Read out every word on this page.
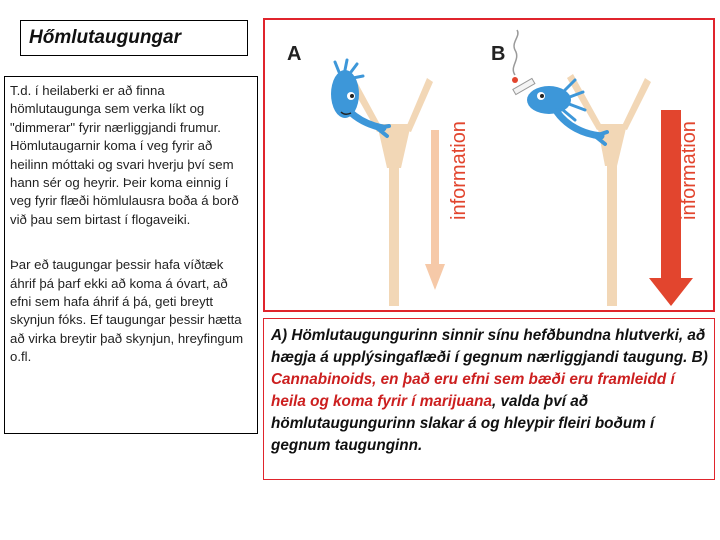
Hőmlutaugungar

T.d. í heilaberki er að finna hömlutaugunga sem verka líkt og "dimmerar" fyrir nærliggjandi frumur. Hömlutaugarnir koma í veg fyrir að heilinn móttaki og svari hverju því sem hann sér og heyrir. Þeir koma einnig í veg fyrir flæði hömlulausra boða á borð við þau sem birtast í flogaveiki.

Þar eð taugungar þessir hafa víðtæk áhrif þá þarf ekki að koma á óvart, að efni sem hafa áhrif á þá, geti breytt skynjun fóks. Ef taugungar þessir hætta að virka breytir það skynjun, hreyfingum o.fl.

A	B
information	information
A) Hömlutaugungurinn sinnir sínu hefðbundna hlutverki, að hægja á upplýsingaflæði í gegnum nærliggjandi taugung. B) Cannabinoids, en það eru efni sem bæði eru framleidd í heila og koma fyrir í marijuana, valda því að hömlutaugungurinn slakar á og hleypir fleiri boðum í gegnum taugunginn.
